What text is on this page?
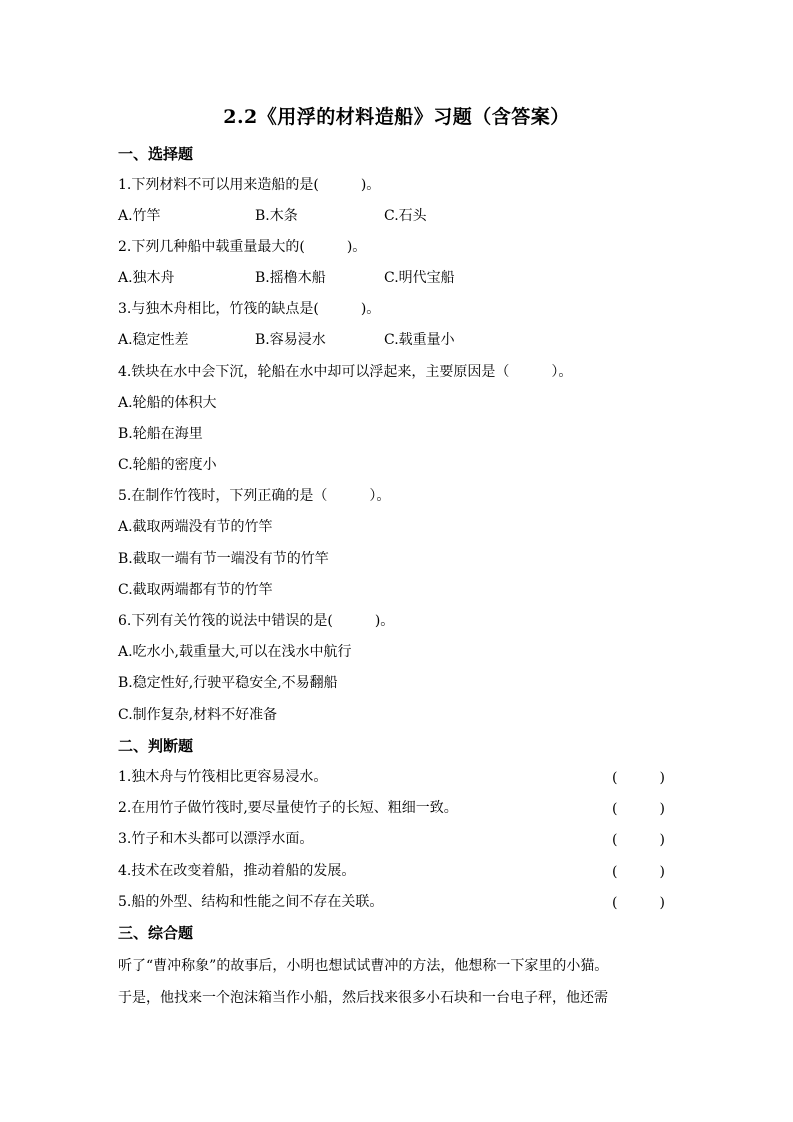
2.2《用浮的材料造船》习题（含答案）
一、选择题
1.下列材料不可以用来造船的是(　　　)。
A.竹竿	B.木条	C.石头
2.下列几种船中载重量最大的(　　　)。
A.独木舟	B.摇橹木船	C.明代宝船
3.与独木舟相比，竹筏的缺点是(　　　)。
A.稳定性差	B.容易浸水	C.载重量小
4.铁块在水中会下沉，轮船在水中却可以浮起来，主要原因是（　　　）。
A.轮船的体积大
B.轮船在海里
C.轮船的密度小
5.在制作竹筏时，下列正确的是（　　　）。
A.截取两端没有节的竹竿
B.截取一端有节一端没有节的竹竿
C.截取两端都有节的竹竿
6.下列有关竹筏的说法中错误的是(　　　)。
A.吃水小,载重量大,可以在浅水中航行
B.稳定性好,行驶平稳安全,不易翻船
C.制作复杂,材料不好准备
二、判断题
1.独木舟与竹筏相比更容易浸水。	(　　　)
2.在用竹子做竹筏时,要尽量使竹子的长短、粗细一致。	(　　　)
3.竹子和木头都可以漂浮水面。	(　　　)
4.技术在改变着船，推动着船的发展。	(　　　)
5.船的外型、结构和性能之间不存在关联。	(　　　)
三、综合题
听了“曹冲称象”的故事后，小明也想试试曹冲的方法，他想称一下家里的小猫。
于是，他找来一个泡沫箱当作小船，然后找来很多小石块和一台电子秤，他还需
